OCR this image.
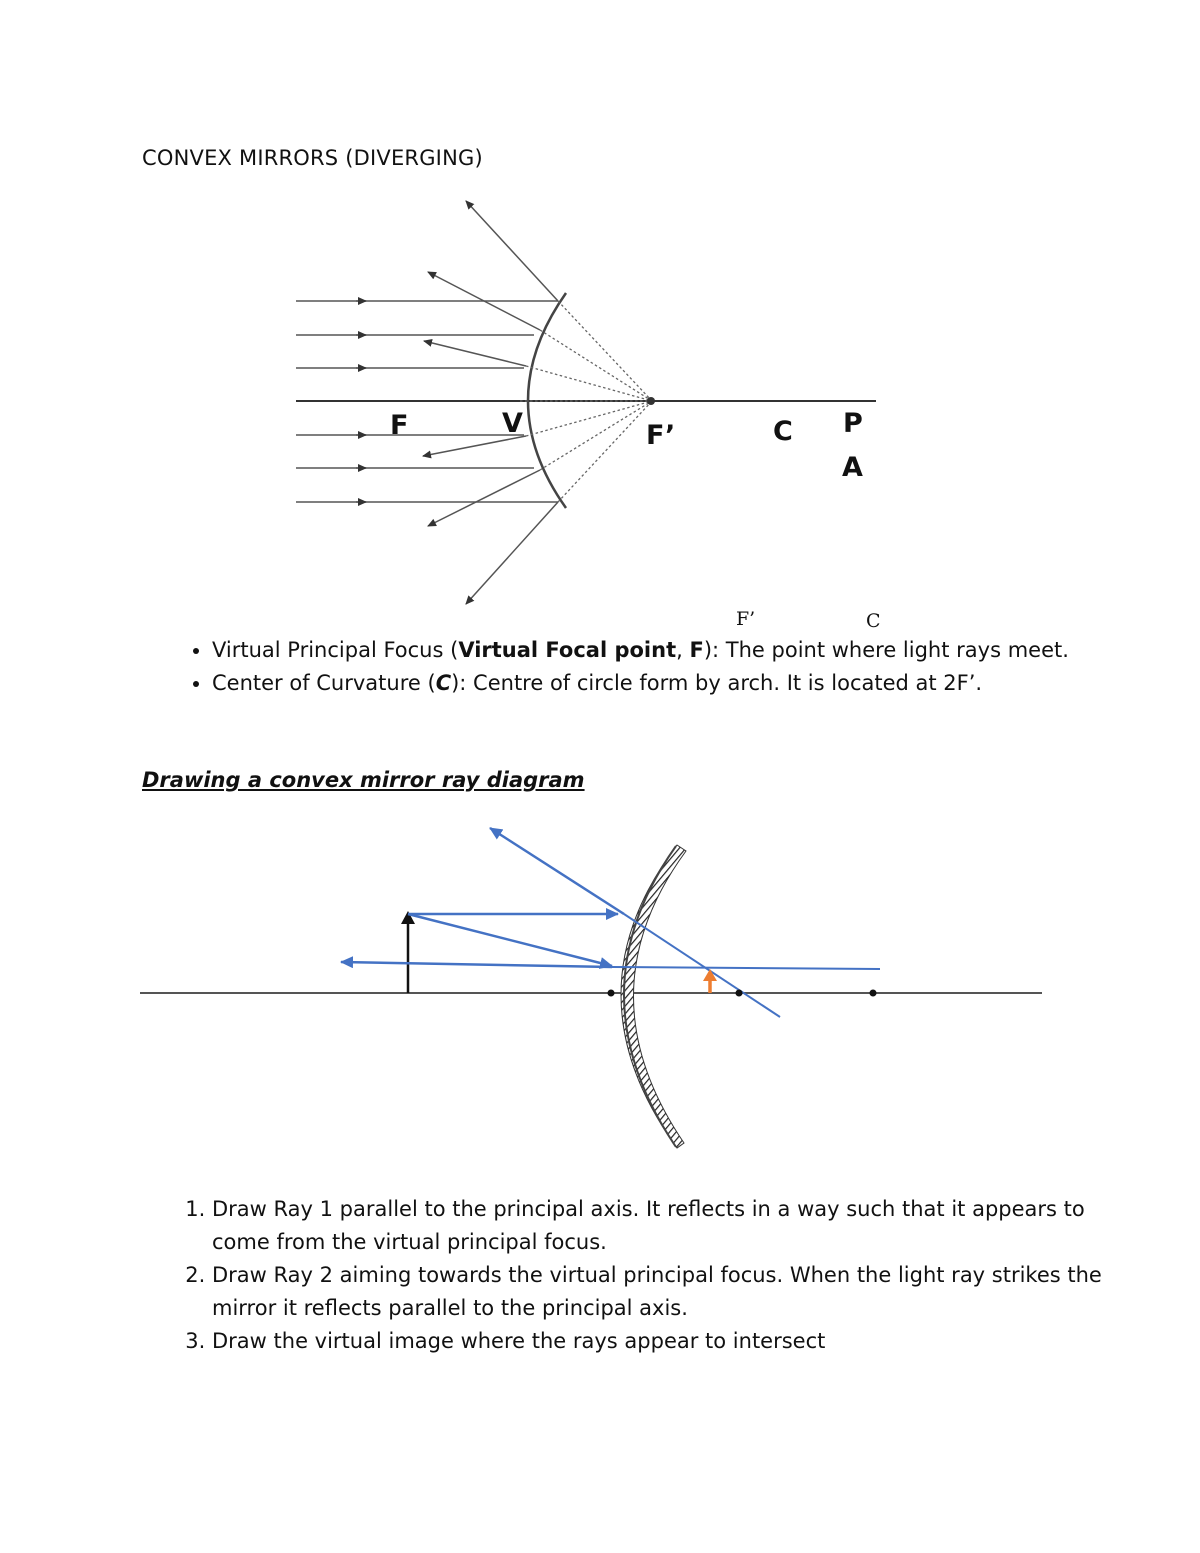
CONVEX MIRRORS (DIVERGING)
F	V	F’	C P
A
F’	C
• Virtual Principal Focus (Virtual Focal point, F): The point where light rays meet.
• Center of Curvature (C): Centre of circle form by arch. It is located at 2F’.
Drawing a convex mirror ray diagram
1. Draw Ray 1 parallel to the principal axis. It reflects in a way such that it appears to come from the virtual principal focus.
2. Draw Ray 2 aiming towards the virtual principal focus. When the light ray strikes the mirror it reflects parallel to the principal axis.
3. Draw the virtual image where the rays appear to intersect
